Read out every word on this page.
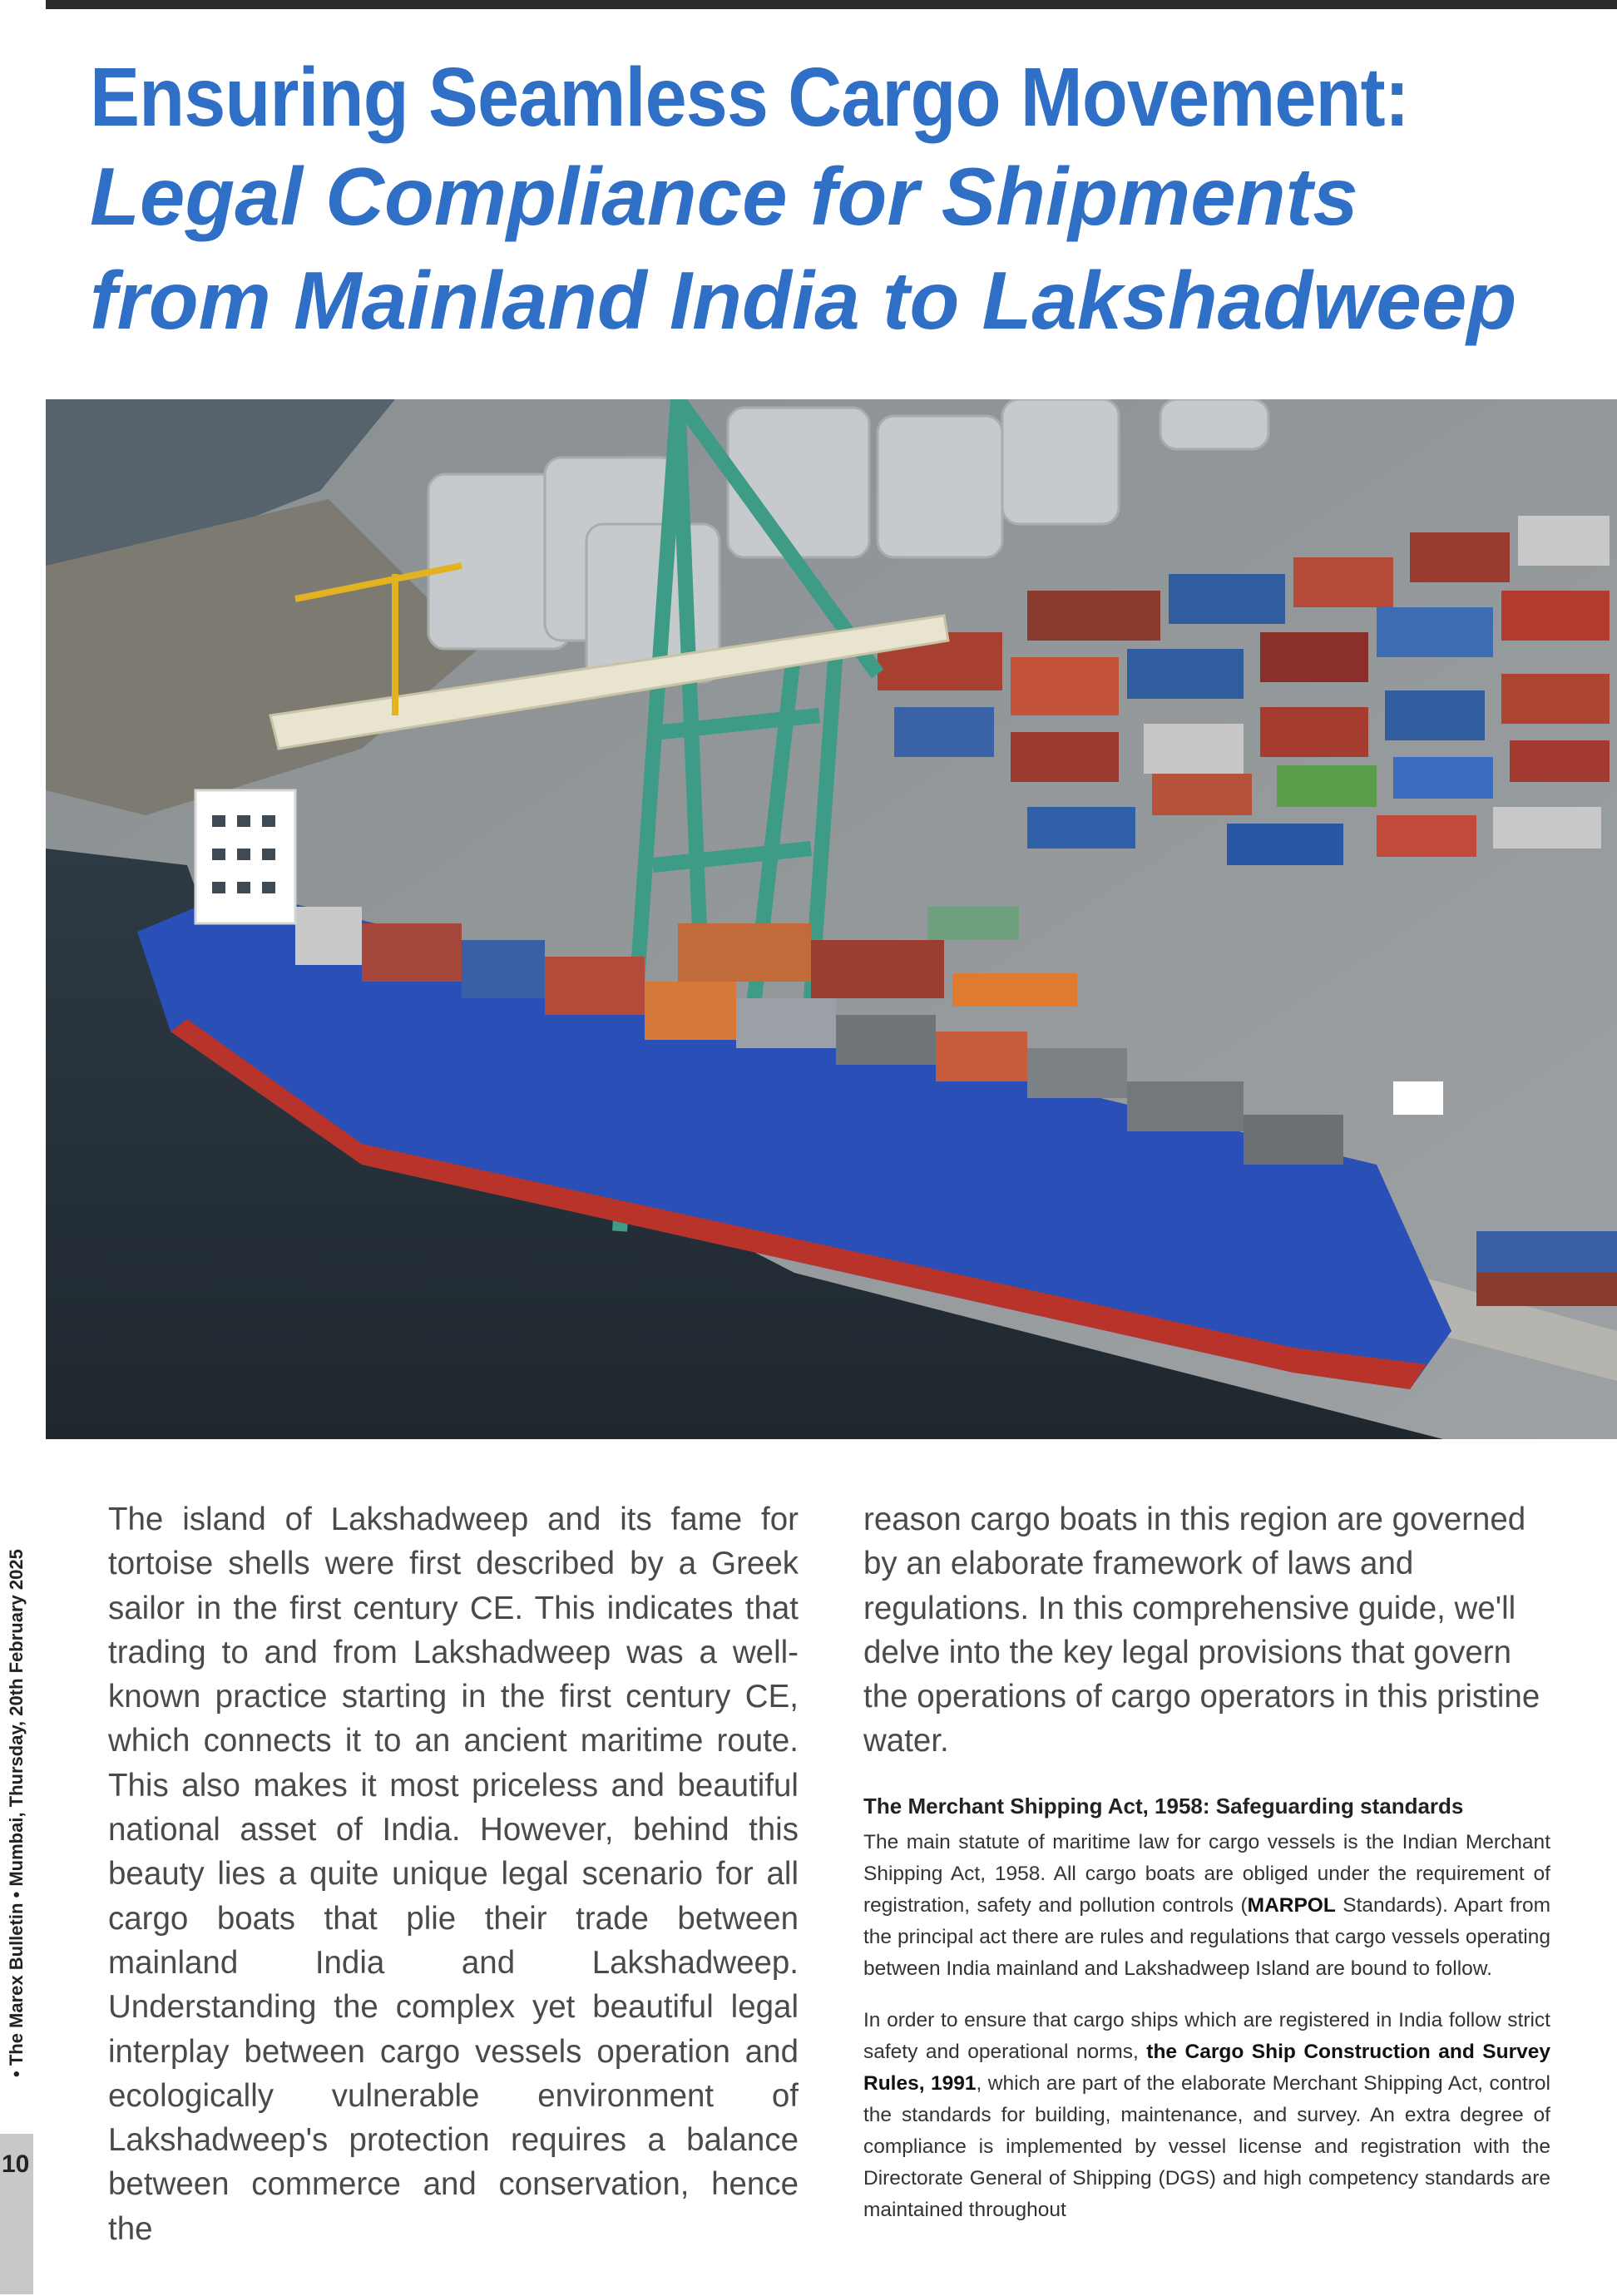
Ensuring Seamless Cargo Movement:
Legal Compliance for Shipments
from Mainland India to Lakshadweep
• The Marex Bulletin • Mumbai, Thursday, 20th February 2025
10

The island of Lakshadweep and its fame for tortoise shells were first described by a Greek sailor in the first century CE. This indicates that trading to and from Lakshadweep was a well-known practice starting in the first century CE, which connects it to an ancient maritime route. This also makes it most priceless and beautiful national asset of India. However, behind this beauty lies a quite unique legal scenario for all cargo boats that plie their trade between mainland India and Lakshadweep. Understanding the complex yet beautiful legal interplay between cargo vessels operation and ecologically vulnerable environment of Lakshadweep's protection requires a balance between commerce and conservation, hence the

reason cargo boats in this region are governed by an elaborate framework of laws and regulations. In this comprehensive guide, we'll delve into the key legal provisions that govern the operations of cargo operators in this pristine water.

The Merchant Shipping Act, 1958: Safeguarding standards

The main statute of maritime law for cargo vessels is the Indian Merchant Shipping Act, 1958. All cargo boats are obliged under the requirement of registration, safety and pollution controls (MARPOL Standards). Apart from the principal act there are rules and regulations that cargo vessels operating between India mainland and Lakshadweep Island are bound to follow.

In order to ensure that cargo ships which are registered in India follow strict safety and operational norms, the Cargo Ship Construction and Survey Rules, 1991, which are part of the elaborate Merchant Shipping Act, control the standards for building, maintenance, and survey. An extra degree of compliance is implemented by vessel license and registration with the Directorate General of Shipping (DGS) and high competency standards are maintained throughout
